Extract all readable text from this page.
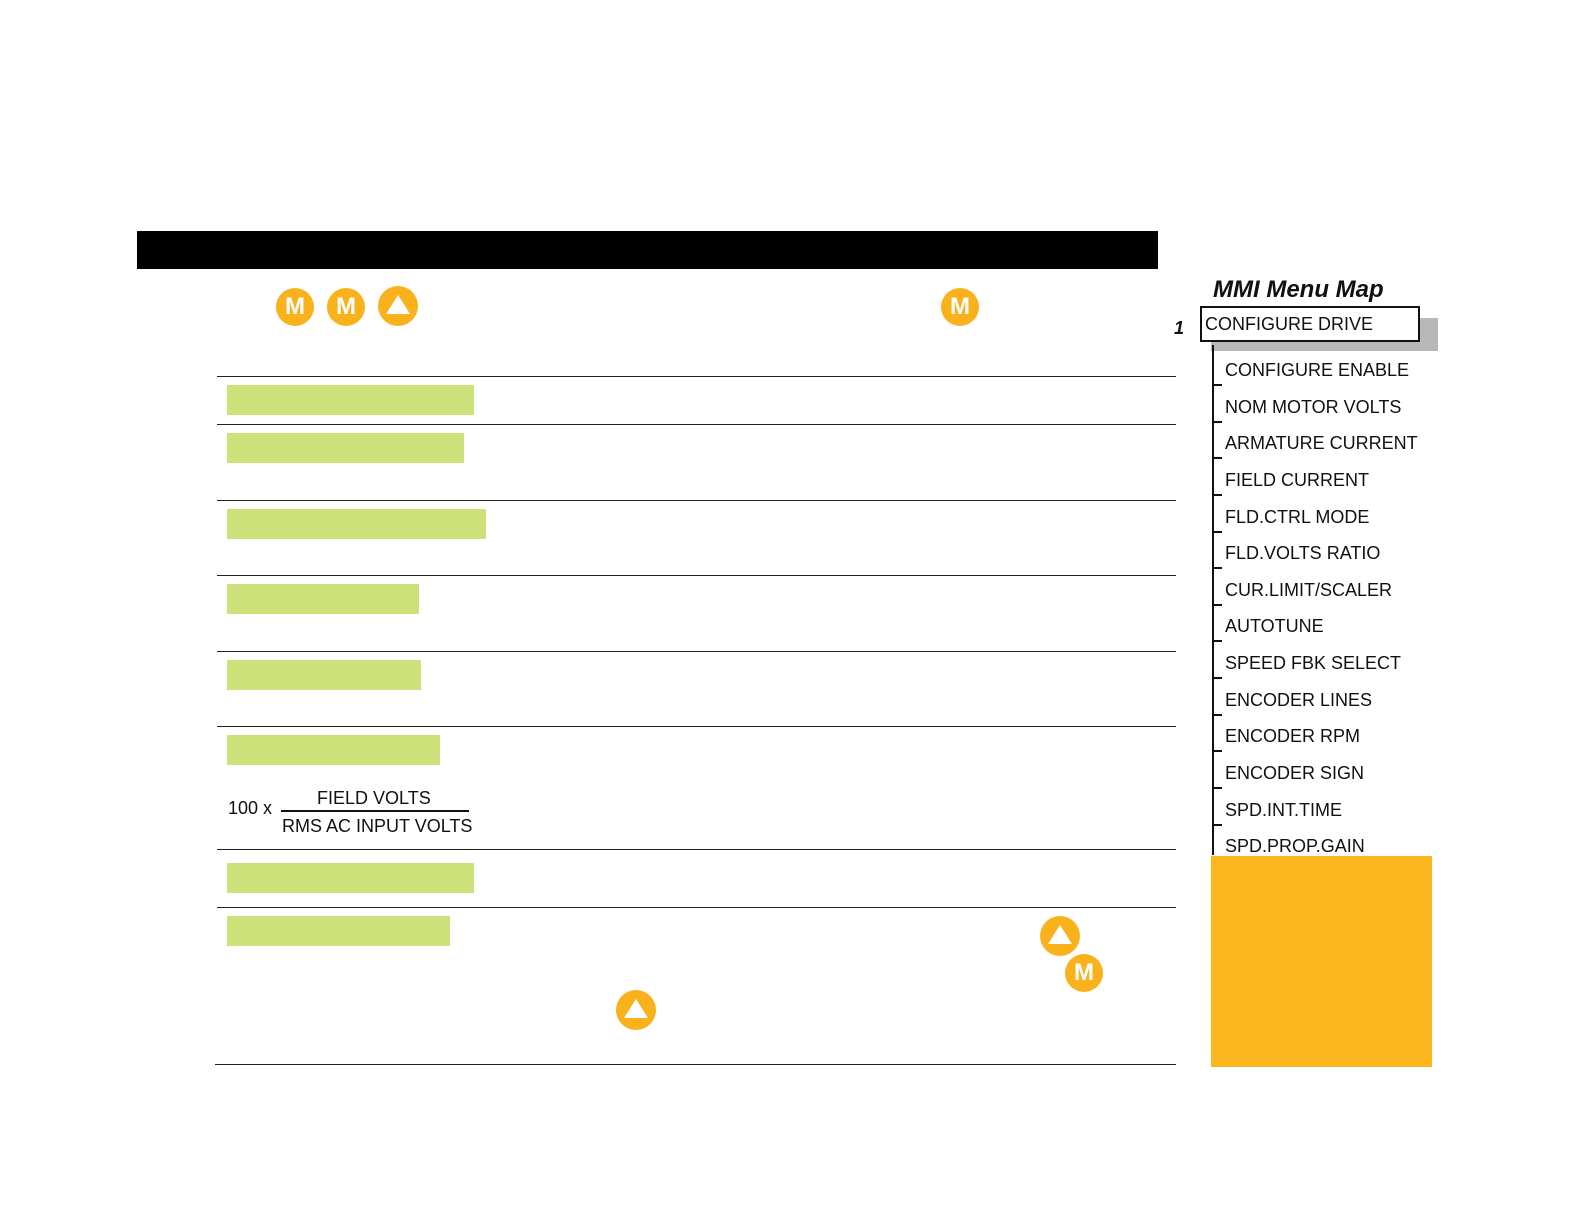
M	M	M
100 x FIELD VOLTS
RMS AC INPUT VOLTS
M
MMI Menu Map
1 CONFIGURE DRIVE
CONFIGURE ENABLE
NOM MOTOR VOLTS
ARMATURE CURRENT
FIELD CURRENT
FLD.CTRL MODE
FLD.VOLTS RATIO
CUR.LIMIT/SCALER
AUTOTUNE
SPEED FBK SELECT
ENCODER LINES
ENCODER RPM
ENCODER SIGN
SPD.INT.TIME
SPD.PROP.GAIN
